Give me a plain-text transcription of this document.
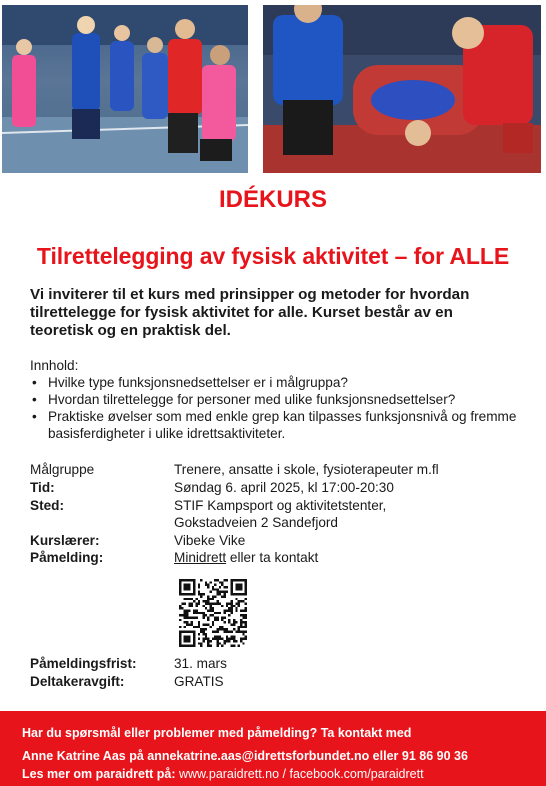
IDÉKURS
Tilrettelegging av fysisk aktivitet – for ALLE

Vi inviterer til et kurs med prinsipper og metoder for hvordan tilrettelegge for fysisk aktivitet for alle. Kurset består av en teoretisk og en praktisk del.

Innhold:
• Hvilke type funksjonsnedsettelser er i målgruppa?
• Hvordan tilrettelegge for personer med ulike funksjonsnedsettelser?
• Praktiske øvelser som med enkle grep kan tilpasses funksjonsnivå og fremme basisferdigheter i ulike idrettsaktiviteter.
Målgruppe	Trenere, ansatte i skole, fysioterapeuter m.fl
Tid:	Søndag 6. april 2025, kl 17:00-20:30
Sted:	STIF Kampsport og aktivitetstenter,
Gokstadveien 2 Sandefjord
Kurslærer:	Vibeke Vike
Påmelding:	Minidrett eller ta kontakt
Påmeldingsfrist:	31. mars
Deltakeravgift:	GRATIS
Har du spørsmål eller problemer med påmelding? Ta kontakt med
Anne Katrine Aas på annekatrine.aas@idrettsforbundet.no eller 91 86 90 36
Les mer om paraidrett på: www.paraidrett.no / facebook.com/paraidrett
